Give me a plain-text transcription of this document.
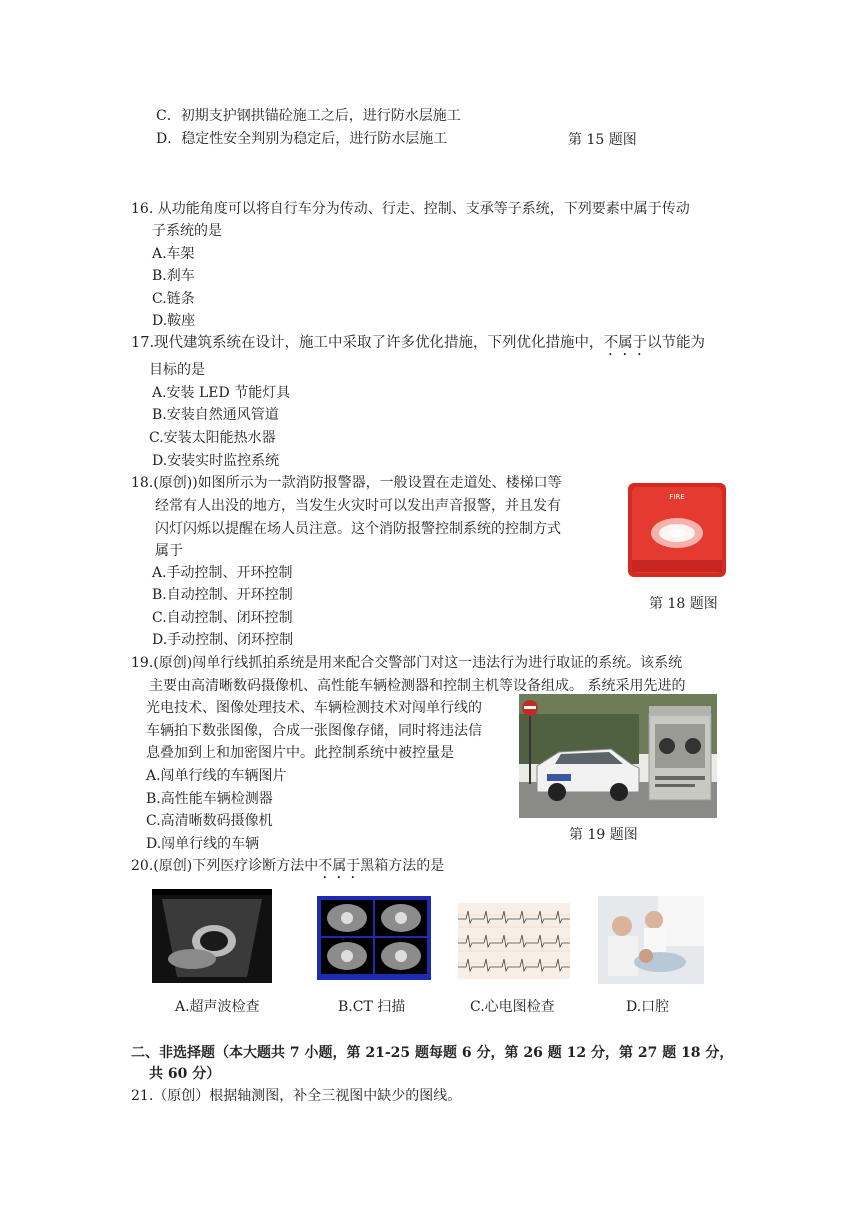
C．初期支护钢拱锚砼施工之后，进行防水层施工
D．稳定性安全判别为稳定后，进行防水层施工	第 15 题图
16. 从功能角度可以将自行车分为传动、行走、控制、支承等子系统，下列要素中属于传动
子系统的是
A.车架
B.刹车
C.链条
D.鞍座
17.现代建筑系统在设计，施工中采取了许多优化措施，下列优化措施中，不属于以节能为
目标的是
A.安装 LED 节能灯具
B.安装自然通风管道
C.安装太阳能热水器
D.安装实时监控系统
18.(原创))如图所示为一款消防报警器，一般设置在走道处、楼梯口等
经常有人出没的地方，当发生火灾时可以发出声音报警，并且发有
闪灯闪烁以提醒在场人员注意。这个消防报警控制系统的控制方式
属于
A.手动控制、开环控制
B.自动控制、开环控制
C.自动控制、闭环控制
D.手动控制、闭环控制
FIRE
第 18 题图
19.(原创)闯单行线抓拍系统是用来配合交警部门对这一违法行为进行取证的系统。该系统
主要由高清晰数码摄像机、高性能车辆检测器和控制主机等设备组成。 系统采用先进的
光电技术、图像处理技术、车辆检测技术对闯单行线的
车辆拍下数张图像，合成一张图像存储，同时将违法信
息叠加到上和加密图片中。此控制系统中被控量是
A.闯单行线的车辆图片
B.高性能车辆检测器
C.高清晰数码摄像机
D.闯单行线的车辆
第 19 题图
20.(原创)下列医疗诊断方法中不属于黑箱方法的是
A.超声波检查	B.CT 扫描	C.心电图检查	D.口腔
二、非选择题（本大题共 7 小题，第 21-25 题每题 6 分，第 26 题 12 分，第 27 题 18 分，
共 60 分）
21.（原创）根据轴测图，补全三视图中缺少的图线。
